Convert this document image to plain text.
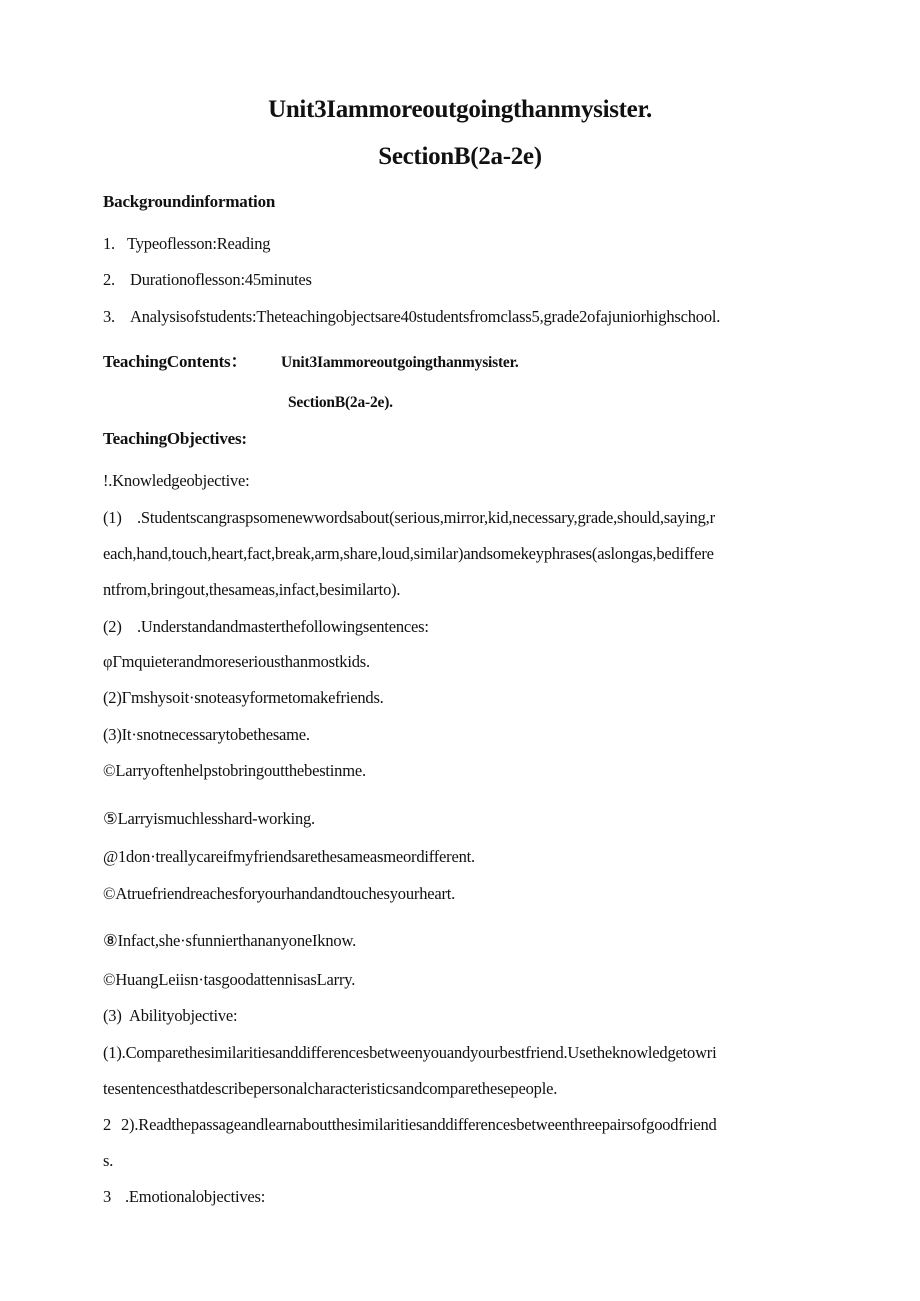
Unit3Iammoreoutgoingthanmysister.
SectionB(2a-2e)
Backgroundinformation
1. Typeoflesson:Reading
2. Durationoflesson:45minutes
3. Analysisofstudents:Theteachingobjectsare40studentsfromclass5,grade2ofajuniorhighschool.
TeachingContents： Unit3Iammoreoutgoingthanmysister.
SectionB(2a-2e).
TeachingObjectives:
!.Knowledgeobjective:
(1) .Studentscangraspsomenewwordsabout(serious,mirror,kid,necessary,grade,should,saying,r
each,hand,touch,heart,fact,break,arm,share,loud,similar)andsomekeyphrases(aslongas,bediffere
ntfrom,bringout,thesameas,infact,besimilarto).
(2) .Understandandmasterthefollowingsentences:
φΓmquieterandmoreseriousthanmostkids.
(2)Γmshysoit·snoteasyformetomakefriends.
(3)It·snotnecessarytobethesame.
©Larryoftenhelpstobringoutthebestinme.
⑤Larryismuchlesshard-working.
@1don·treallycareifmyfriendsarethesameasmeordifferent.
©Atruefriendreachesforyourhandandtouchesyourheart.
⑧Infact,she·sfunnierthananyoneIknow.
©HuangLeiisn·tasgoodattennisasLarry.
(3) Abilityobjective:
(1).Comparethesimilaritiesanddifferencesbetweenyouandyourbestfriend.Usetheknowledgetowri
tesentencesthatdescribepersonalcharacteristicsandcomparethesepeople.
2 2).Readthepassageandlearnaboutthesimilaritiesanddifferencesbetweenthreepairsofgoodfriend
s.
3 .Emotionalobjectives:
